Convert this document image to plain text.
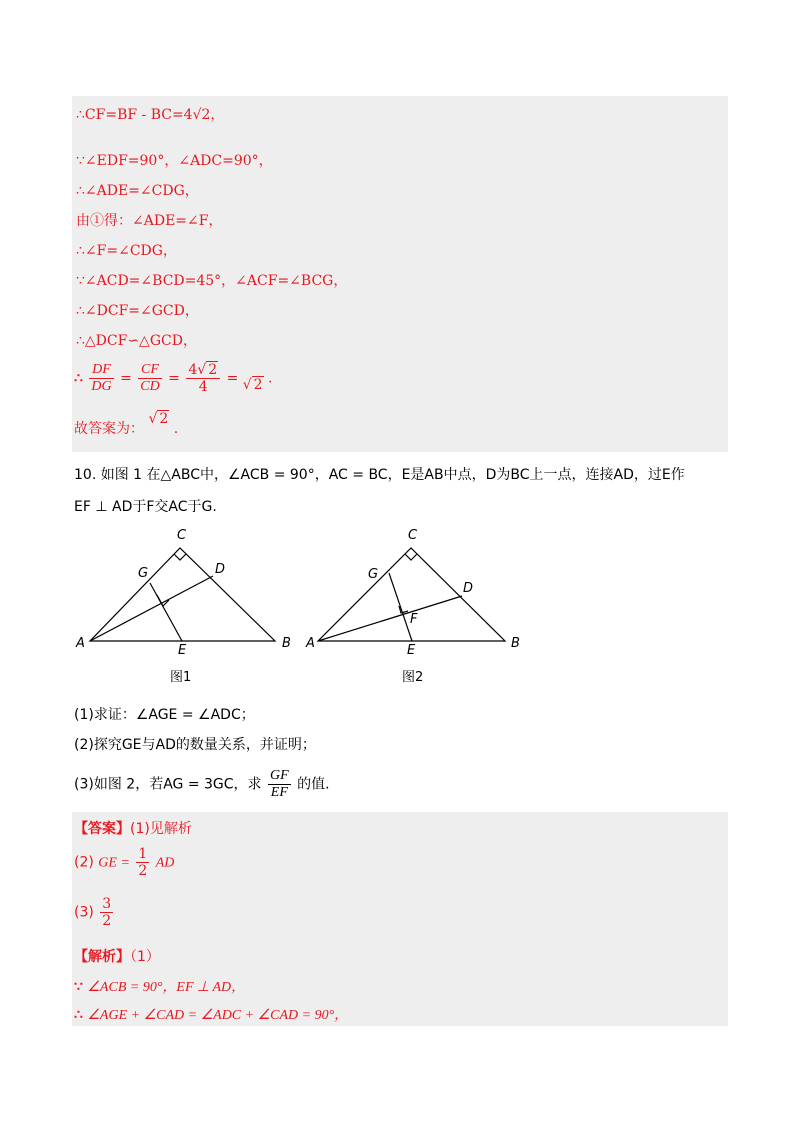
∴CF=BF - BC=4√2，
∵∠EDF=90°，∠ADC=90°，
∴∠ADE=∠CDG，
由①得：∠ADE=∠F，
∴∠F=∠CDG，
∵∠ACD=∠BCD=45°，∠ACF=∠BCG，
∴∠DCF=∠GCD，
∴△DCF∽△GCD，
∴ $\frac{DF}{DG} = \frac{CF}{CD} = \frac{4√ 2}{4}$ = √ 2 .
故答案为： √ 2 .
10. 如图 1 在△ABC中，∠ACB = 90°，AC = BC，E是AB中点，D为BC上一点，连接AD，过E作
EF ⊥ AD于F交AC于G.
C
G	D
A	E	B
图1
C
G
D
F
A	E	B
图2
(1)求证：∠AGE = ∠ADC；
(2)探究GE与AD的数量关系，并证明；
(3)如图 2，若AG = 3GC，求 $\frac{GF}{EF}$ 的值.
【答案】(1)见解析
(2) GE = $\frac{1}{2}$ AD
$(3) \frac{3}{2}$
【解析】（1）
∵ ∠ACB = 90°，EF ⊥ AD，
∴ ∠AGE + ∠CAD = ∠ADC + ∠CAD = 90°，
